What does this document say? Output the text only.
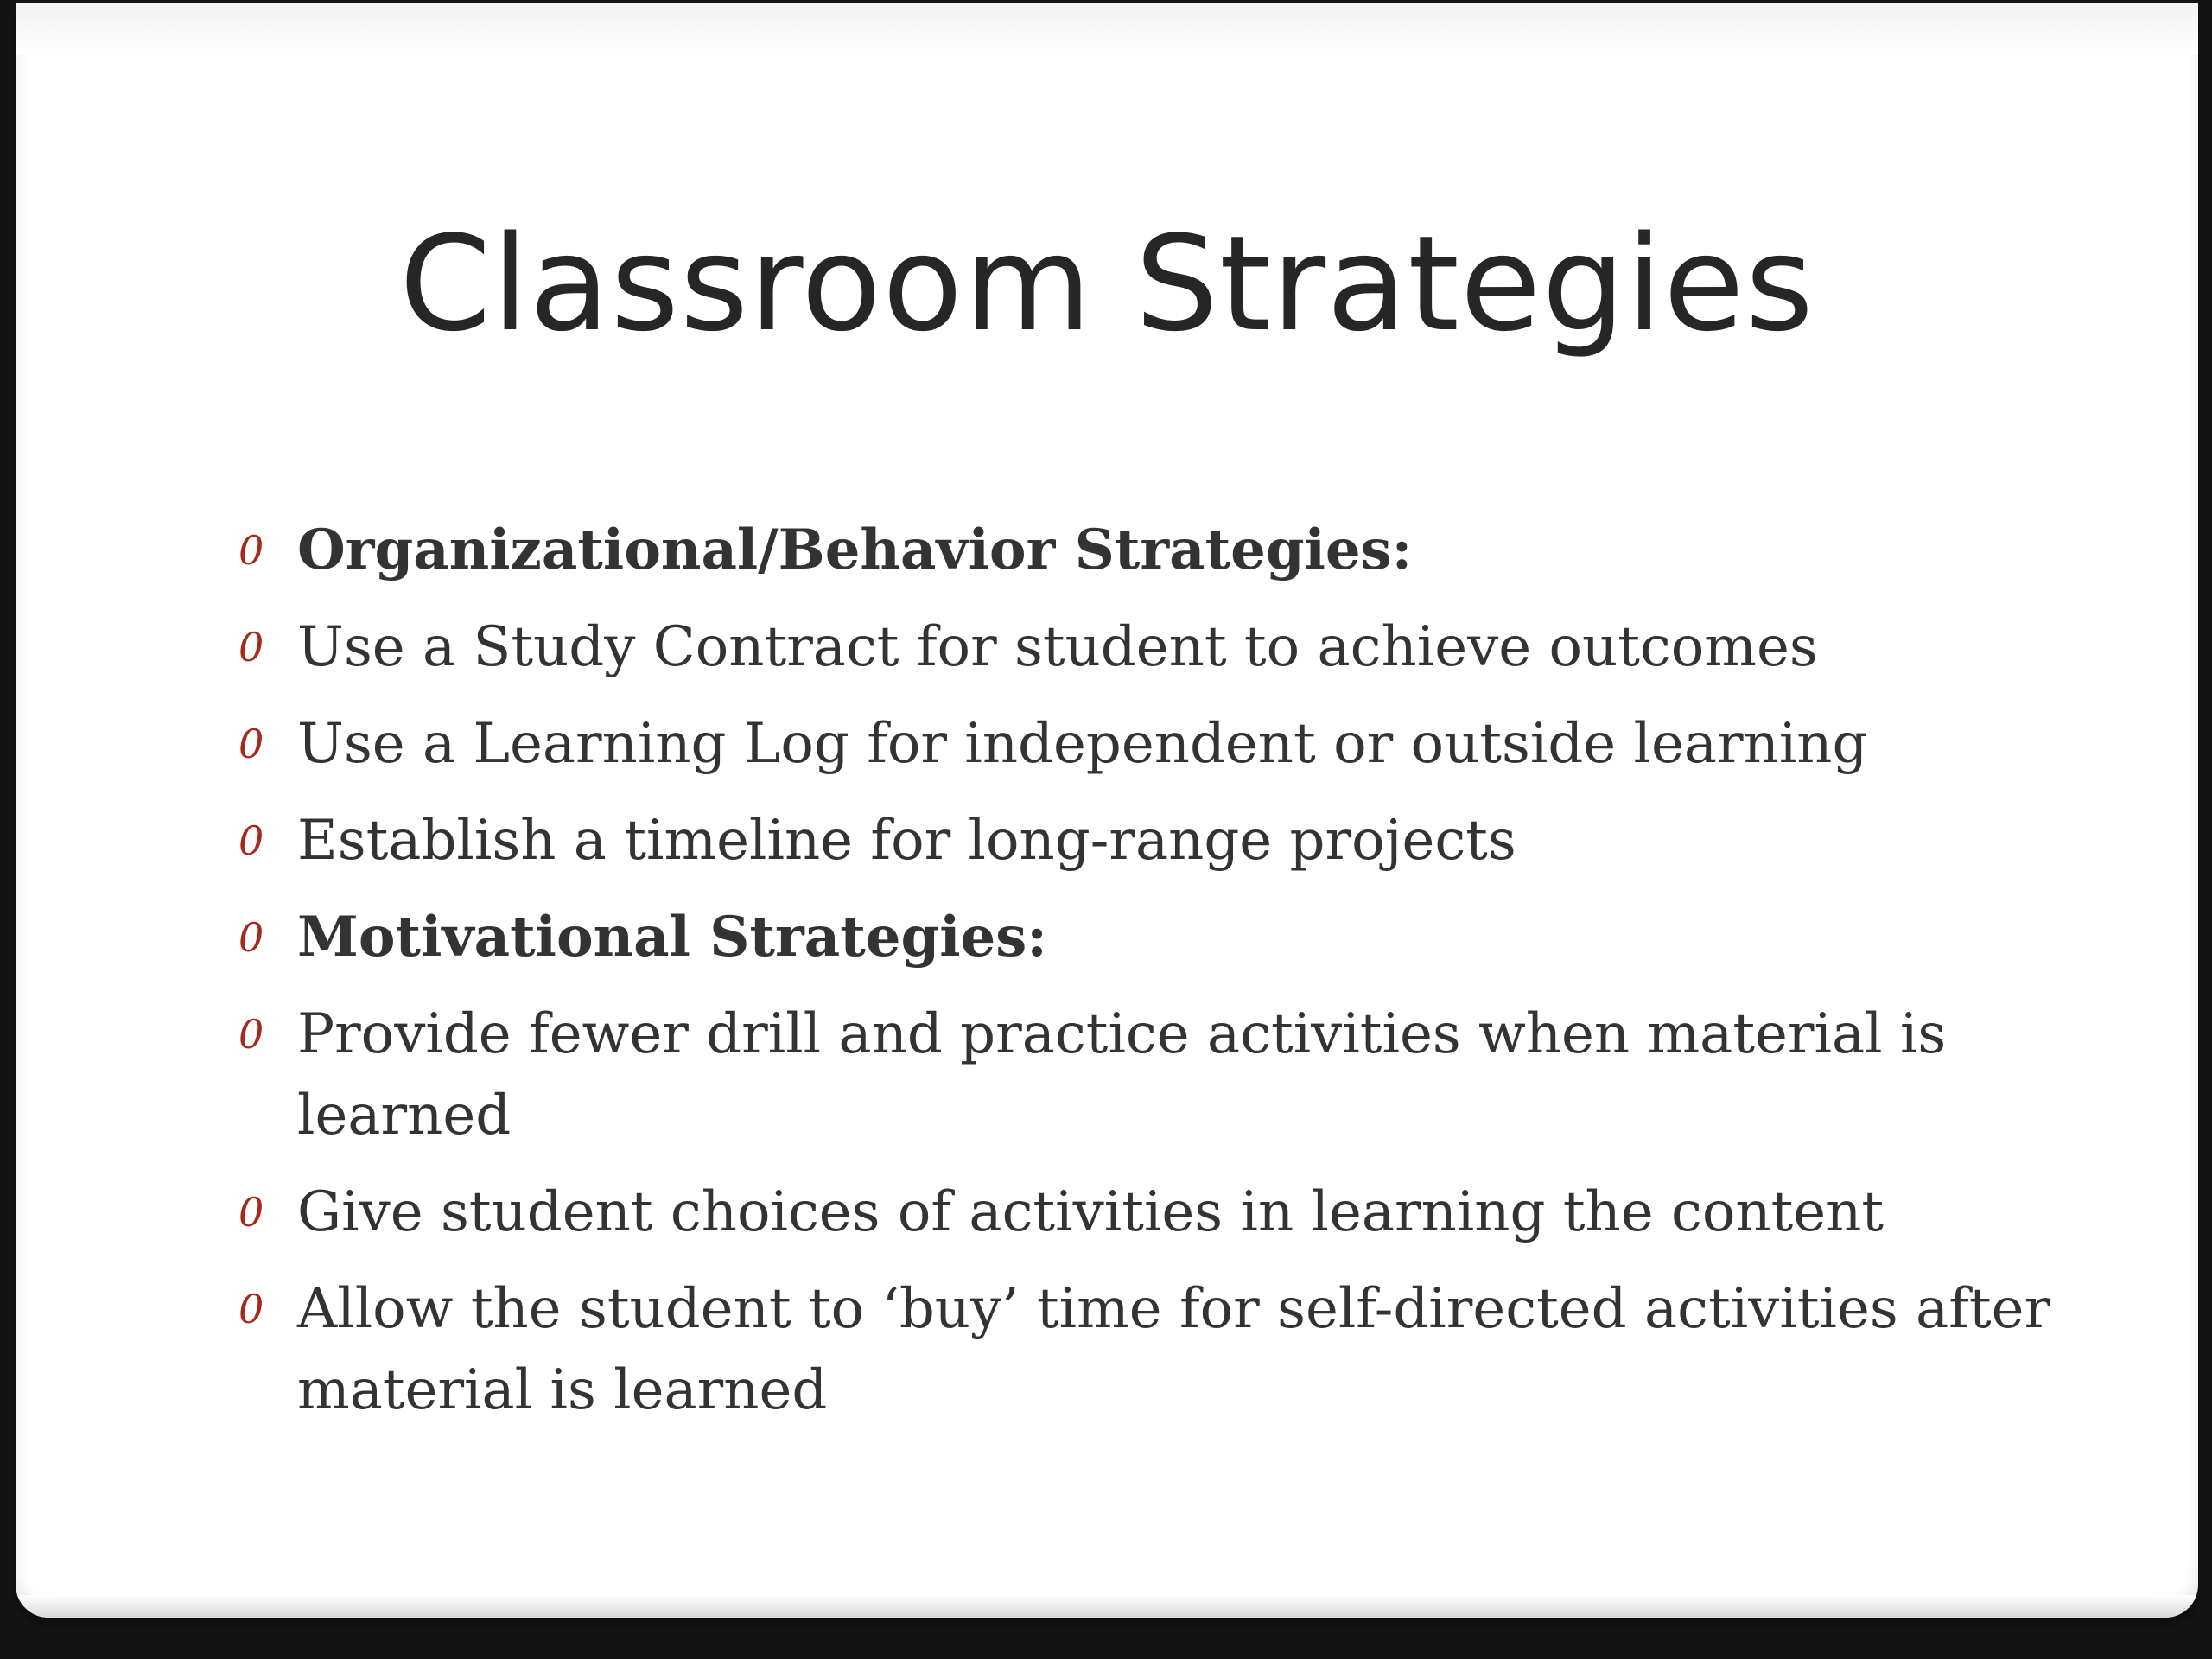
Classroom Strategies
0 Organizational/Behavior Strategies:
0 Use a Study Contract for student to achieve outcomes
0 Use a Learning Log for independent or outside learning
0 Establish a timeline for long-range projects
0 Motivational Strategies:
0 Provide fewer drill and practice activities when material is learned
0 Give student choices of activities in learning the content
0 Allow the student to ‘buy’ time for self-directed activities after material is learned
